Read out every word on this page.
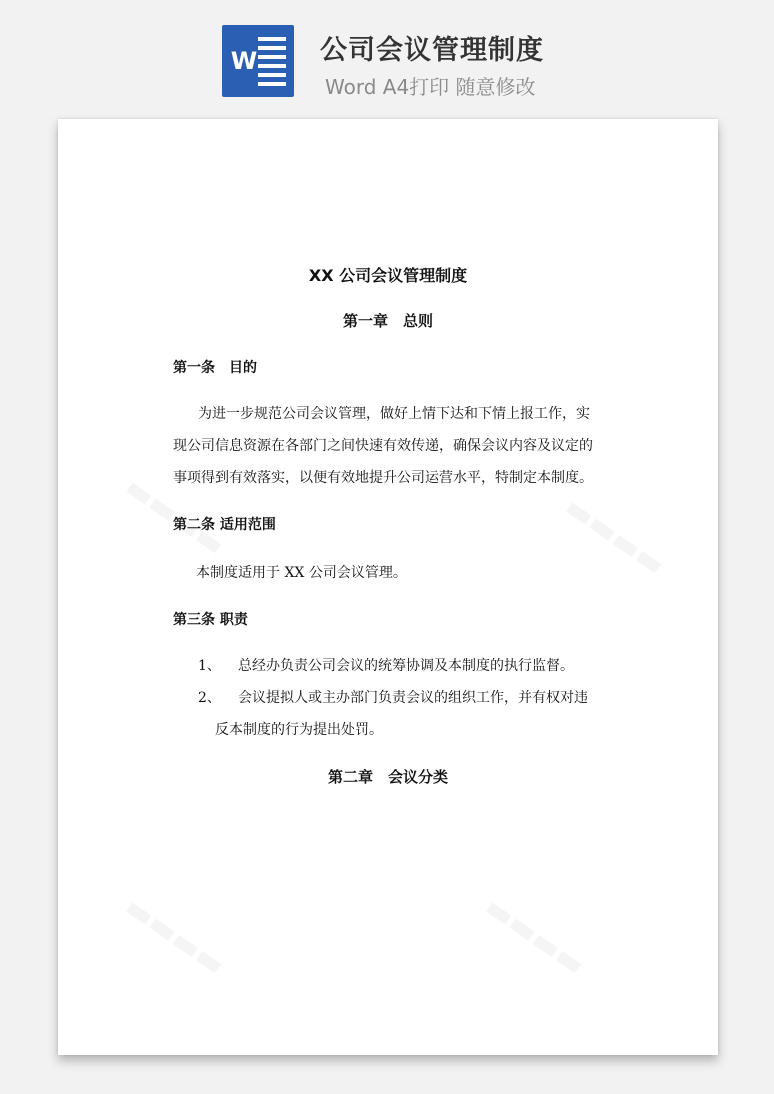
W 公司会议管理制度
Word A4打印 随意修改
XX 公司会议管理制度
第一章　总则
第一条　目的
为进一步规范公司会议管理，做好上情下达和下情上报工作，实
现公司信息资源在各部门之间快速有效传递，确保会议内容及议定的
事项得到有效落实，以便有效地提升公司运营水平，特制定本制度。
第二条 适用范围
本制度适用于 XX 公司会议管理。
第三条 职责
1、 总经办负责公司会议的统筹协调及本制度的执行监督。
2、 会议提拟人或主办部门负责会议的组织工作，并有权对违
反本制度的行为提出处罚。
第二章　会议分类
